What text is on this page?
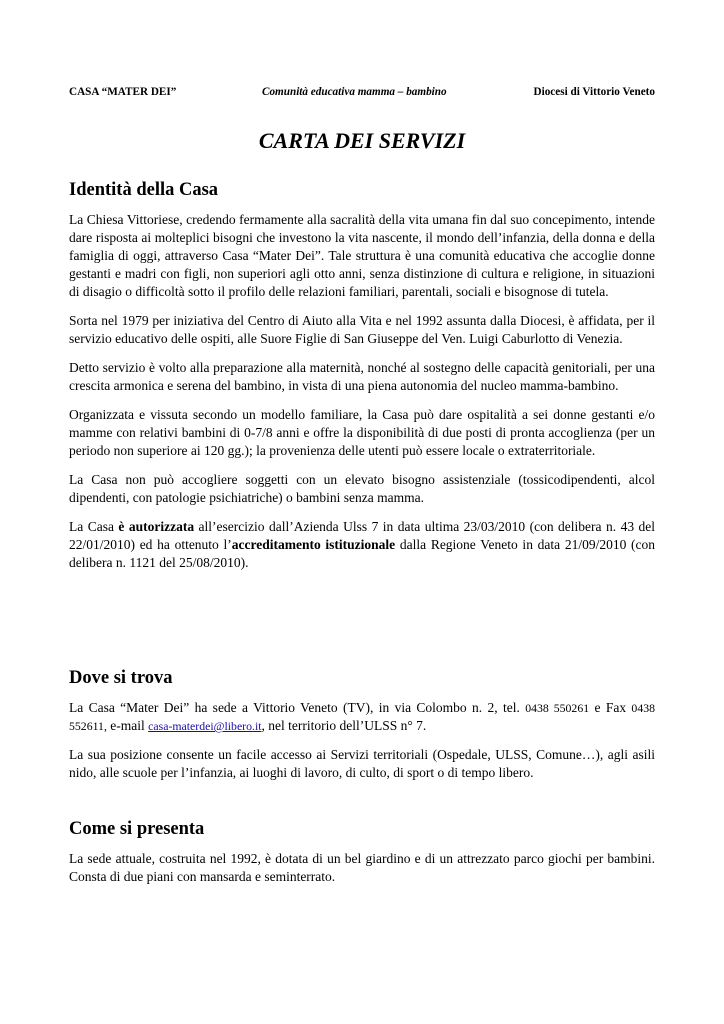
CASA “MATER DEI”	Comunità educativa mamma – bambino	Diocesi di Vittorio Veneto
CARTA DEI SERVIZI
Identità della Casa

La Chiesa Vittoriese, credendo fermamente alla sacralità della vita umana fin dal suo concepimento, intende dare risposta ai molteplici bisogni che investono la vita nascente, il mondo dell’infanzia, della donna e della famiglia di oggi, attraverso Casa “Mater Dei”. Tale struttura è una comunità educativa che accoglie donne gestanti e madri con figli, non superiori agli otto anni, senza distinzione di cultura e religione, in situazioni di disagio o difficoltà sotto il profilo delle relazioni familiari, parentali, sociali e bisognose di tutela.

Sorta nel 1979 per iniziativa del Centro di Aiuto alla Vita e nel 1992 assunta dalla Diocesi, è affidata, per il servizio educativo delle ospiti, alle Suore Figlie di San Giuseppe del Ven. Luigi Caburlotto di Venezia.

Detto servizio è volto alla preparazione alla maternità, nonché al sostegno delle capacità genitoriali, per una crescita armonica e serena del bambino, in vista di una piena autonomia del nucleo mamma-bambino.

Organizzata e vissuta secondo un modello familiare, la Casa può dare ospitalità a sei donne gestanti e/o mamme con relativi bambini di 0-7/8 anni e offre la disponibilità di due posti di pronta accoglienza (per un periodo non superiore ai 120 gg.); la provenienza delle utenti può essere locale o extraterritoriale.

La Casa non può accogliere soggetti con un elevato bisogno assistenziale (tossicodipendenti, alcol dipendenti, con patologie psichiatriche) o bambini senza mamma.

La Casa è autorizzata all’esercizio dall’Azienda Ulss 7 in data ultima 23/03/2010 (con delibera n. 43 del 22/01/2010) ed ha ottenuto l’accreditamento istituzionale dalla Regione Veneto in data 21/09/2010 (con delibera n. 1121 del 25/08/2010).

Dove si trova

La Casa “Mater Dei” ha sede a Vittorio Veneto (TV), in via Colombo n. 2, tel. 0438 550261 e Fax 0438 552611, e-mail casa-materdei@libero.it, nel territorio dell’ULSS n° 7.

La sua posizione consente un facile accesso ai Servizi territoriali (Ospedale, ULSS, Comune…), agli asili nido, alle scuole per l’infanzia, ai luoghi di lavoro, di culto, di sport o di tempo libero.

Come si presenta

La sede attuale, costruita nel 1992, è dotata di un bel giardino e di un attrezzato parco giochi per bambini. Consta di due piani con mansarda e seminterrato.
